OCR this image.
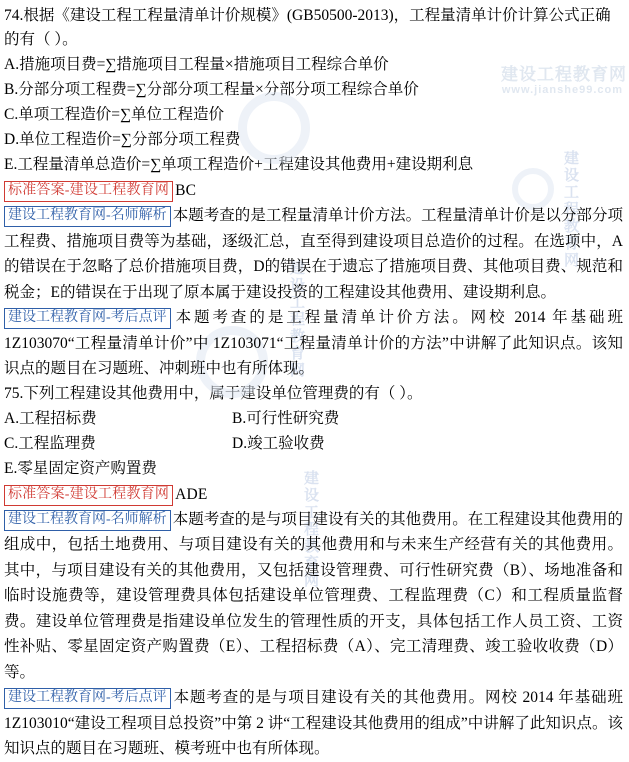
建设工程教育网
www.jianshe99.com
建设工程教育网
建设工程教育网
建设工程教育网
74.根据《建设工程工程量清单计价规模》(GB50500-2013)，工程量清单计价计算公式正确的有（ ）。
A.措施项目费=∑措施项目工程量×措施项目工程综合单价
B.分部分项工程费=∑分部分项工程量×分部分项工程综合单价
C.单项工程造价=∑单位工程造价
D.单位工程造价=∑分部分项工程费
E.工程量清单总造价=∑单项工程造价+工程建设其他费用+建设期利息
标准答案-建设工程教育网 BC
建设工程教育网-名师解析 本题考查的是工程量清单计价方法。工程量清单计价是以分部分项工程费、措施项目费等为基础，逐级汇总，直至得到建设项目总造价的过程。在选项中，A的错误在于忽略了总价措施项目费，D的错误在于遗忘了措施项目费、其他项目费、规范和税金；E的错误在于出现了原本属于建设投资的工程建设其他费用、建设期利息。
建设工程教育网-考后点评 本题考查的是工程量清单计价方法。网校 2014 年基础班1Z103070“工程量清单计价”中 1Z103071“工程量清单计价的方法”中讲解了此知识点。该知识点的题目在习题班、冲刺班中也有所体现。
75.下列工程建设其他费用中，属于建设单位管理费的有（ ）。
A.工程招标费	B.可行性研究费
C.工程监理费	D.竣工验收费
E.零星固定资产购置费
标准答案-建设工程教育网 ADE
建设工程教育网-名师解析 本题考查的是与项目建设有关的其他费用。在工程建设其他费用的组成中，包括土地费用、与项目建设有关的其他费用和与未来生产经营有关的其他费用。其中，与项目建设有关的其他费用，又包括建设管理费、可行性研究费（B）、场地准备和临时设施费等，建设管理费具体包括建设单位管理费、工程监理费（C）和工程质量监督费。建设单位管理费是指建设单位发生的管理性质的开支，具体包括工作人员工资、工资性补贴、零星固定资产购置费（E）、工程招标费（A）、完工清理费、竣工验收收费（D）等。
建设工程教育网-考后点评 本题考查的是与项目建设有关的其他费用。网校 2014 年基础班 1Z103010“建设工程项目总投资”中第 2 讲“工程建设其他费用的组成”中讲解了此知识点。该知识点的题目在习题班、模考班中也有所体现。
